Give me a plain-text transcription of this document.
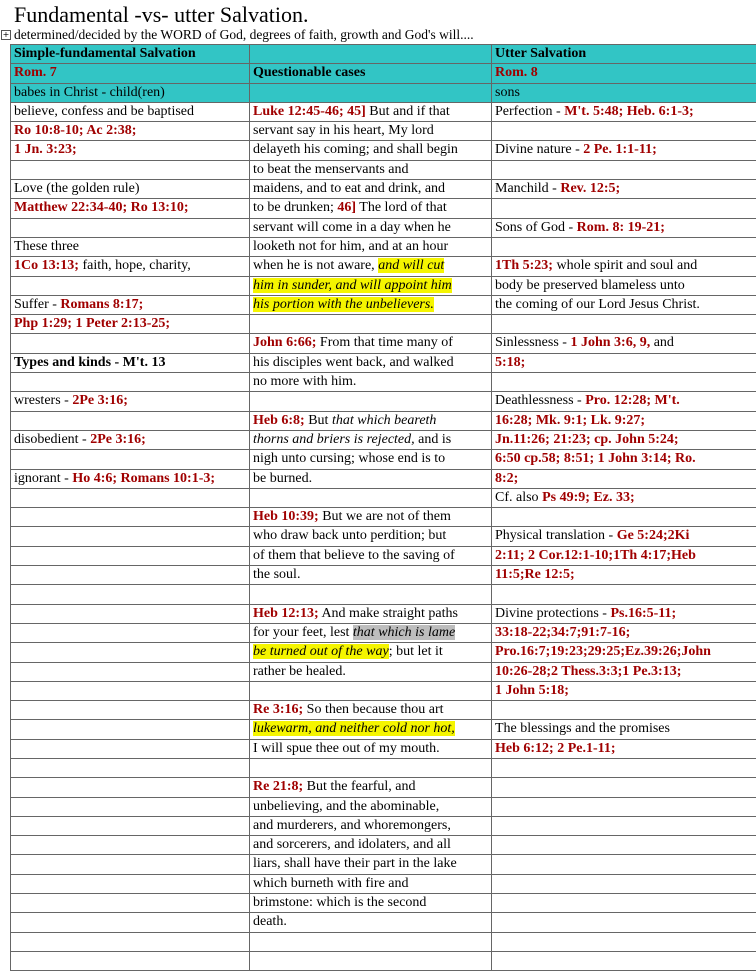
Fundamental -vs- utter Salvation.
+ determined/decided by the WORD of God, degrees of faith, growth and God's will....
Simple-fundamental Salvation		Utter Salvation
Rom. 7	Questionable cases	Rom. 8
babes in Christ - child(ren)		sons
believe, confess and be baptised	Luke 12:45-46; 45] But and if that	Perfection - M't. 5:48; Heb. 6:1-3;
Ro 10:8-10; Ac 2:38;	servant say in his heart, My lord	
1 Jn. 3:23;	delayeth his coming; and shall begin	Divine nature - 2 Pe. 1:1-11;
	to beat the menservants and	
Love (the golden rule)	maidens, and to eat and drink, and	Manchild - Rev. 12:5;
Matthew 22:34-40; Ro 13:10;	to be drunken; 46] The lord of that	
	servant will come in a day when he	Sons of God - Rom. 8: 19-21;
These three	looketh not for him, and at an hour	
1Co 13:13; faith, hope, charity,	when he is not aware, and will cut	1Th 5:23; whole spirit and soul and
	him in sunder, and will appoint him	body be preserved blameless unto
Suffer - Romans 8:17;	his portion with the unbelievers.	the coming of our Lord Jesus Christ.
Php 1:29; 1 Peter 2:13-25;		
	John 6:66; From that time many of	Sinlessness - 1 John 3:6, 9, and
Types and kinds - M't. 13	his disciples went back, and walked	5:18;
	no more with him.	
wresters - 2Pe 3:16;		Deathlessness - Pro. 12:28; M't.
	Heb 6:8; But that which beareth	16:28; Mk. 9:1; Lk. 9:27;
disobedient - 2Pe 3:16;	thorns and briers is rejected, and is	Jn.11:26; 21:23; cp. John 5:24;
	nigh unto cursing; whose end is to	6:50 cp.58; 8:51; 1 John 3:14; Ro.
ignorant - Ho 4:6; Romans 10:1-3;	be burned.	8:2;
		Cf. also Ps 49:9; Ez. 33;
	Heb 10:39; But we are not of them	
	who draw back unto perdition; but	Physical translation - Ge 5:24;2Ki
	of them that believe to the saving of	2:11; 2 Cor.12:1-10;1Th 4:17;Heb
	the soul.	11:5;Re 12:5;

	Heb 12:13; And make straight paths	Divine protections - Ps.16:5-11;
	for your feet, lest that which is lame	33:18-22;34:7;91:7-16;
	be turned out of the way; but let it	Pro.16:7;19:23;29:25;Ez.39:26;John
	rather be healed.	10:26-28;2 Thess.3:3;1 Pe.3:13;
		1 John 5:18;
	Re 3:16; So then because thou art	
	lukewarm, and neither cold nor hot,	The blessings and the promises
	I will spue thee out of my mouth.	Heb 6:12; 2 Pe.1-11;

	Re 21:8; But the fearful, and	
	unbelieving, and the abominable,	
	and murderers, and whoremongers,	
	and sorcerers, and idolaters, and all	
	liars, shall have their part in the lake	
	which burneth with fire and	
	brimstone: which is the second	
	death.	
